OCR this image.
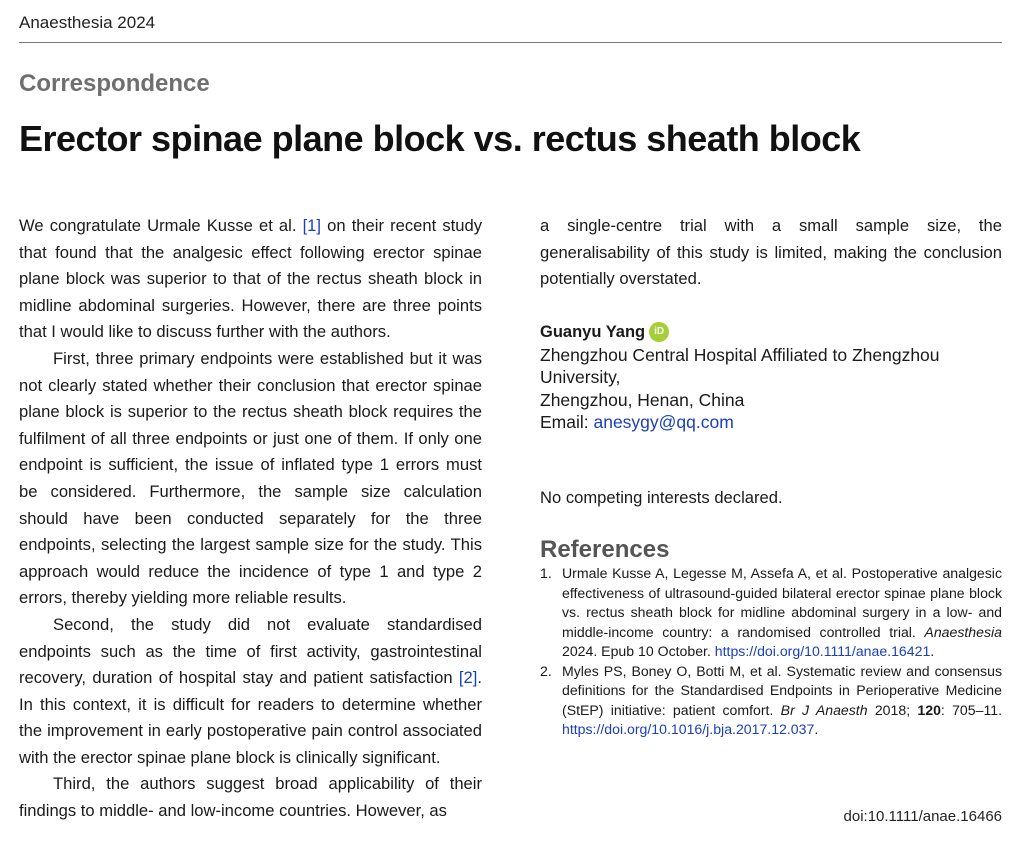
Anaesthesia 2024
Correspondence
Erector spinae plane block vs. rectus sheath block

We congratulate Urmale Kusse et al. [1] on their recent study that found that the analgesic effect following erector spinae plane block was superior to that of the rectus sheath block in midline abdominal surgeries. However, there are three points that I would like to discuss further with the authors.

First, three primary endpoints were established but it was not clearly stated whether their conclusion that erector spinae plane block is superior to the rectus sheath block requires the fulfilment of all three endpoints or just one of them. If only one endpoint is sufficient, the issue of inflated type 1 errors must be considered. Furthermore, the sample size calculation should have been conducted separately for the three endpoints, selecting the largest sample size for the study. This approach would reduce the incidence of type 1 and type 2 errors, thereby yielding more reliable results.

Second, the study did not evaluate standardised endpoints such as the time of first activity, gastrointestinal recovery, duration of hospital stay and patient satisfaction [2]. In this context, it is difficult for readers to determine whether the improvement in early postoperative pain control associated with the erector spinae plane block is clinically significant.

Third, the authors suggest broad applicability of their findings to middle- and low-income countries. However, as

a single-centre trial with a small sample size, the generalisability of this study is limited, making the conclusion potentially overstated.

Guanyu Yang iD
Zhengzhou Central Hospital Affiliated to Zhengzhou University,
Zhengzhou, Henan, China
Email: anesygy@qq.com
No competing interests declared.
References
1. Urmale Kusse A, Legesse M, Assefa A, et al. Postoperative analgesic effectiveness of ultrasound-guided bilateral erector spinae plane block vs. rectus sheath block for midline abdominal surgery in a low- and middle-income country: a randomised controlled trial. Anaesthesia 2024. Epub 10 October. https://doi.org/10.1111/anae.16421.
2. Myles PS, Boney O, Botti M, et al. Systematic review and consensus definitions for the Standardised Endpoints in Perioperative Medicine (StEP) initiative: patient comfort. Br J Anaesth 2018; 120: 705–11. https://doi.org/10.1016/j.bja.2017.12.037.
doi:10.1111/anae.16466
